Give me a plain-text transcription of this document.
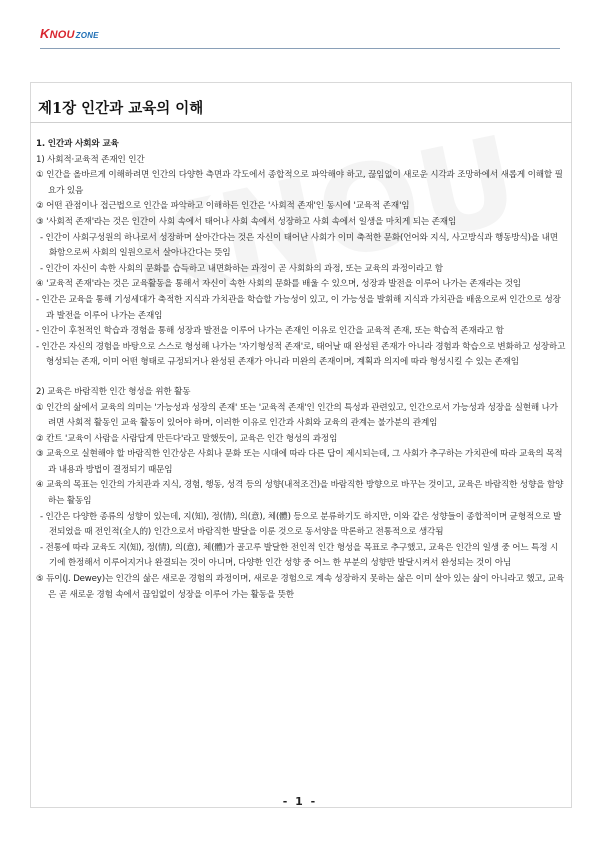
KNOUZONE
제1장 인간과 교육의 이해

1. 인간과 사회와 교육

1) 사회적·교육적 존재인 인간

① 인간을 올바르게 이해하려면 인간의 다양한 측면과 각도에서 종합적으로 파악해야 하고, 끊임없이 새로운 시각과 조망하에서 새롭게 이해할 필요가 있음

② 어떤 관점이나 접근법으로 인간을 파악하고 이해하든 인간은 '사회적 존재'인 동시에 '교육적 존재'임

③ '사회적 존재'라는 것은 인간이 사회 속에서 태어나 사회 속에서 성장하고 사회 속에서 일생을 마치게 되는 존재임

- 인간이 사회구성원의 하나로서 성장하며 살아간다는 것은 자신이 태어난 사회가 이미 축적한 문화(언어와 지식, 사고방식과 행동방식)을 내면화함으로써 사회의 일원으로서 살아나간다는 뜻임

- 인간이 자신이 속한 사회의 문화를 습득하고 내면화하는 과정이 곧 사회화의 과정, 또는 교육의 과정이라고 함

④ '교육적 존재'라는 것은 교육활동을 통해서 자신이 속한 사회의 문화를 배울 수 있으며, 성장과 발전을 이루어 나가는 존재라는 것임

- 인간은 교육을 통해 기성세대가 축적한 지식과 가치관을 학습할 가능성이 있고, 이 가능성을 발휘해 지식과 가치관을 배움으로써 인간으로 성장과 발전을 이루어 나가는 존재임

- 인간이 후천적인 학습과 경험을 통해 성장과 발전을 이루어 나가는 존재인 이유로 인간을 교육적 존재, 또는 학습적 존재라고 함

- 인간은 자신의 경험을 바탕으로 스스로 형성해 나가는 '자기형성적 존재'로, 태어날 때 완성된 존재가 아니라 경험과 학습으로 변화하고 성장하고 형성되는 존재, 이미 어떤 형태로 규정되거나 완성된 존재가 아니라 미완의 존재이며, 계획과 의지에 따라 형성시킬 수 있는 존재임

2) 교육은 바람직한 인간 형성을 위한 활동

① 인간의 삶에서 교육의 의미는 '가능성과 성장의 존재' 또는 '교육적 존재'인 인간의 특성과 관련있고, 인간으로서 가능성과 성장을 실현해 나가려면 사회적 활동인 교육 활동이 있어야 하며, 이러한 이유로 인간과 사회와 교육의 관계는 불가분의 관계임

② 칸트 '교육이 사람을 사람답게 만든다'라고 말했듯이, 교육은 인간 형성의 과정임

③ 교육으로 실현해야 할 바람직한 인간상은 사회나 문화 또는 시대에 따라 다른 답이 제시되는데, 그 사회가 추구하는 가치관에 따라 교육의 목적과 내용과 방법이 결정되기 때문임

④ 교육의 목표는 인간의 가치관과 지식, 경험, 행동, 성격 등의 성향(내적조건)을 바람직한 방향으로 바꾸는 것이고, 교육은 바람직한 성향을 함양하는 활동임

- 인간은 다양한 종류의 성향이 있는데, 지(知), 정(情), 의(意), 체(體) 등으로 분류하기도 하지만, 이와 같은 성향들이 종합적이며 균형적으로 발전되었을 때 전인적(全人的) 인간으로서 바람직한 발달을 이룬 것으로 동서양을 막론하고 전통적으로 생각됨

- 전통에 따라 교육도 지(知), 정(情), 의(意), 체(體)가 골고루 발달한 전인적 인간 형성을 목표로 추구했고, 교육은 인간의 일생 중 어느 특정 시기에 한정해서 이루어지거나 완결되는 것이 아니며, 다양한 인간 성향 중 어느 한 부분의 성향만 발달시켜서 완성되는 것이 아님

⑤ 듀이(J. Dewey)는 인간의 삶은 새로운 경험의 과정이며, 새로운 경험으로 계속 성장하지 못하는 삶은 이미 살아 있는 삶이 아니라고 했고, 교육은 곧 새로운 경험 속에서 끊임없이 성장을 이루어 가는 활동을 뜻한

- 1 -
